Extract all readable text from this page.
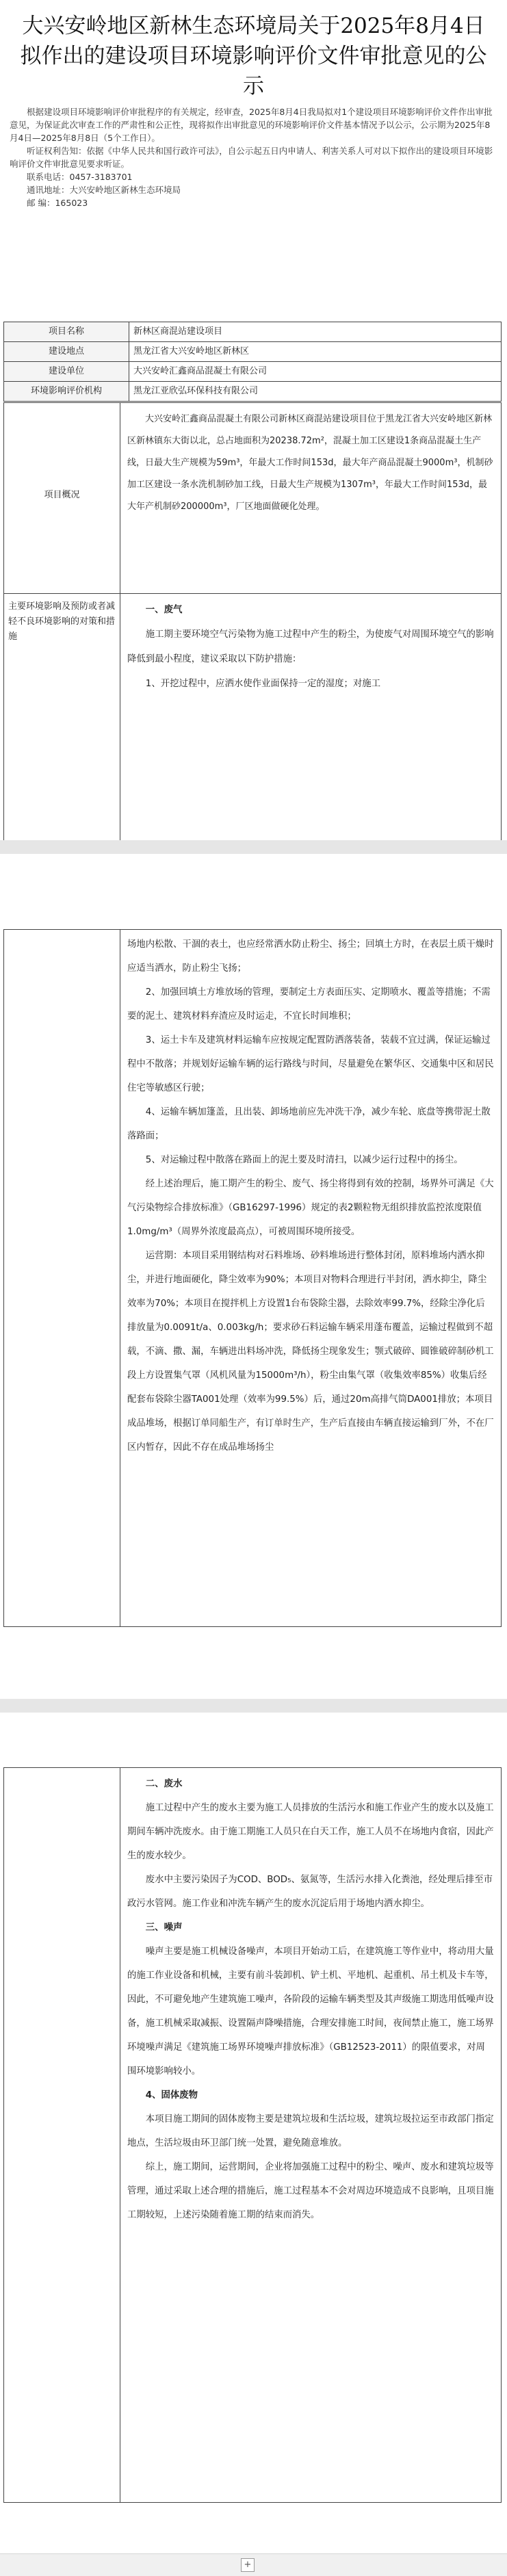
大兴安岭地区新林生态环境局关于2025年8月4日拟作出的建设项目环境影响评价文件审批意见的公示

根据建设项目环境影响评价审批程序的有关规定，经审查，2025年8月4日我局拟对1个建设项目环境影响评价文件作出审批意见，为保证此次审查工作的严肃性和公正性，现将拟作出审批意见的环境影响评价文件基本情况予以公示，公示期为2025年8月4日—2025年8月8日（5个工作日）。

听证权利告知：依据《中华人民共和国行政许可法》，自公示起五日内申请人、利害关系人可对以下拟作出的建设项目环境影响评价文件审批意见要求听证。

联系电话：0457-3183701

通讯地址：大兴安岭地区新林生态环境局

邮 编：165023

项目名称	新林区商混站建设项目
建设地点	黑龙江省大兴安岭地区新林区
建设单位	大兴安岭汇鑫商品混凝土有限公司
环境影响评价机构	黑龙江亚欣弘环保科技有限公司
项目概况

大兴安岭汇鑫商品混凝土有限公司新林区商混站建设项目位于黑龙江省大兴安岭地区新林区新林镇东大街以北，总占地面积为20238.72m²，混凝土加工区建设1条商品混凝土生产线，日最大生产规模为59m³，年最大工作时间153d，最大年产商品混凝土9000m³，机制砂加工区建设一条水洗机制砂加工线，日最大生产规模为1307m³，年最大工作时间153d，最大年产机制砂200000m³，厂区地面做硬化处理。

主要环境影响及预防或者减轻不良环境影响的对策和措施

一、废气

施工期主要环境空气污染物为施工过程中产生的粉尘，为使废气对周围环境空气的影响降低到最小程度，建议采取以下防护措施：

1、开挖过程中，应洒水使作业面保持一定的湿度；对施工

场地内松散、干涸的表土，也应经常洒水防止粉尘、扬尘；回填土方时，在表层土质干燥时应适当洒水，防止粉尘飞扬；

2、加强回填土方堆放场的管理，要制定土方表面压实、定期喷水、覆盖等措施；不需要的泥土、建筑材料弃渣应及时运走，不宜长时间堆积；

3、运土卡车及建筑材料运输车应按规定配置防洒落装备，装载不宜过满，保证运输过程中不散落；并规划好运输车辆的运行路线与时间，尽量避免在繁华区、交通集中区和居民住宅等敏感区行驶；

4、运输车辆加篷盖，且出装、卸场地前应先冲洗干净，减少车轮、底盘等携带泥土散落路面；

5、对运输过程中散落在路面上的泥土要及时清扫，以减少运行过程中的扬尘。

经上述治理后，施工期产生的粉尘、废气、扬尘将得到有效的控制，场界外可满足《大气污染物综合排放标准》（GB16297-1996）规定的表2颗粒物无组织排放监控浓度限值1.0mg/m³（周界外浓度最高点），可被周围环境所接受。

运营期：本项目采用钢结构对石料堆场、砂料堆场进行整体封闭，原料堆场内洒水抑尘，并进行地面硬化，降尘效率为90%；本项目对物料合理进行半封闭，洒水抑尘，降尘效率为70%；本项目在搅拌机上方设置1台布袋除尘器，去除效率99.7%，经除尘净化后排放量为0.0091t/a、0.003kg/h；要求砂石料运输车辆采用蓬布覆盖，运输过程做到不超载，不滴、撒、漏，车辆进出料场冲洗，降低扬尘现象发生；颚式破碎、圆锥破碎制砂机工段上方设置集气罩（风机风量为15000m³/h），粉尘由集气罩（收集效率85%）收集后经配套布袋除尘器TA001处理（效率为99.5%）后，通过20m高排气筒DA001排放；本项目成品堆场，根据订单同船生产，有订单时生产，生产后直接由车辆直接运输到厂外，不在厂区内暂存，因此不存在成品堆场扬尘

二、废水

施工过程中产生的废水主要为施工人员排放的生活污水和施工作业产生的废水以及施工期间车辆冲洗废水。由于施工期施工人员只在白天工作，施工人员不在场地内食宿，因此产生的废水较少。

废水中主要污染因子为COD、BOD₅、氨氮等，生活污水排入化粪池，经处理后排至市政污水管网。施工作业和冲洗车辆产生的废水沉淀后用于场地内洒水抑尘。

三、噪声

噪声主要是施工机械设备噪声，本项目开始动工后，在建筑施工等作业中，将动用大量的施工作业设备和机械，主要有前斗装卸机、铲土机、平地机、起重机、吊土机及卡车等，因此，不可避免地产生建筑施工噪声，各阶段的运输车辆类型及其声级施工期选用低噪声设备，施工机械采取减振、设置隔声降噪措施，合理安排施工时间，夜间禁止施工，施工场界环境噪声满足《建筑施工场界环境噪声排放标准》（GB12523-2011）的限值要求，对周围环境影响较小。

4、固体废物

本项目施工期间的固体废物主要是建筑垃圾和生活垃圾，建筑垃圾拉运至市政部门指定地点，生活垃圾由环卫部门统一处置，避免随意堆放。

综上，施工期间，运营期间，企业将加强施工过程中的粉尘、噪声、废水和建筑垃圾等管理，通过采取上述合理的措施后，施工过程基本不会对周边环境造成不良影响，且项目施工期较短，上述污染随着施工期的结束而消失。

+
